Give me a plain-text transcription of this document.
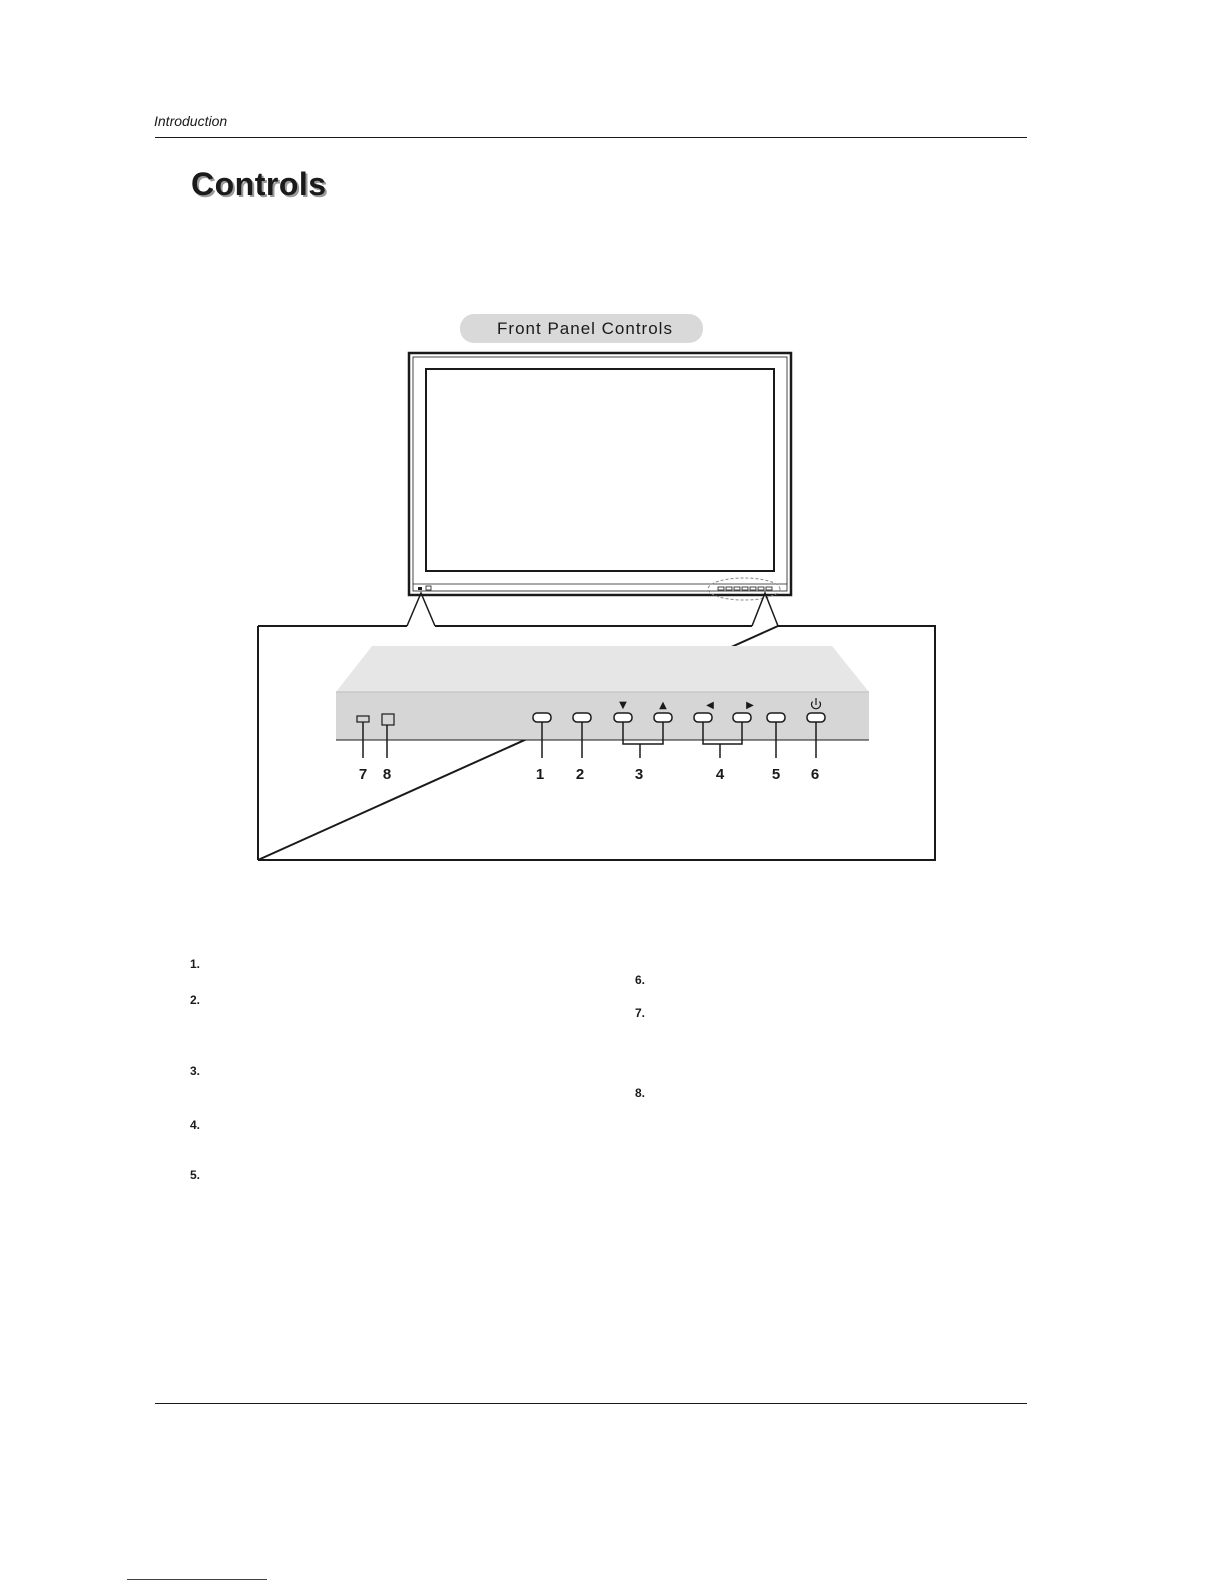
Introduction
Controls
Front Panel Controls
▼	▲	◀	▶
7 8	1 2	3	4	5 6
1.
2.
3.
4.
5.
6.
7.
8.
